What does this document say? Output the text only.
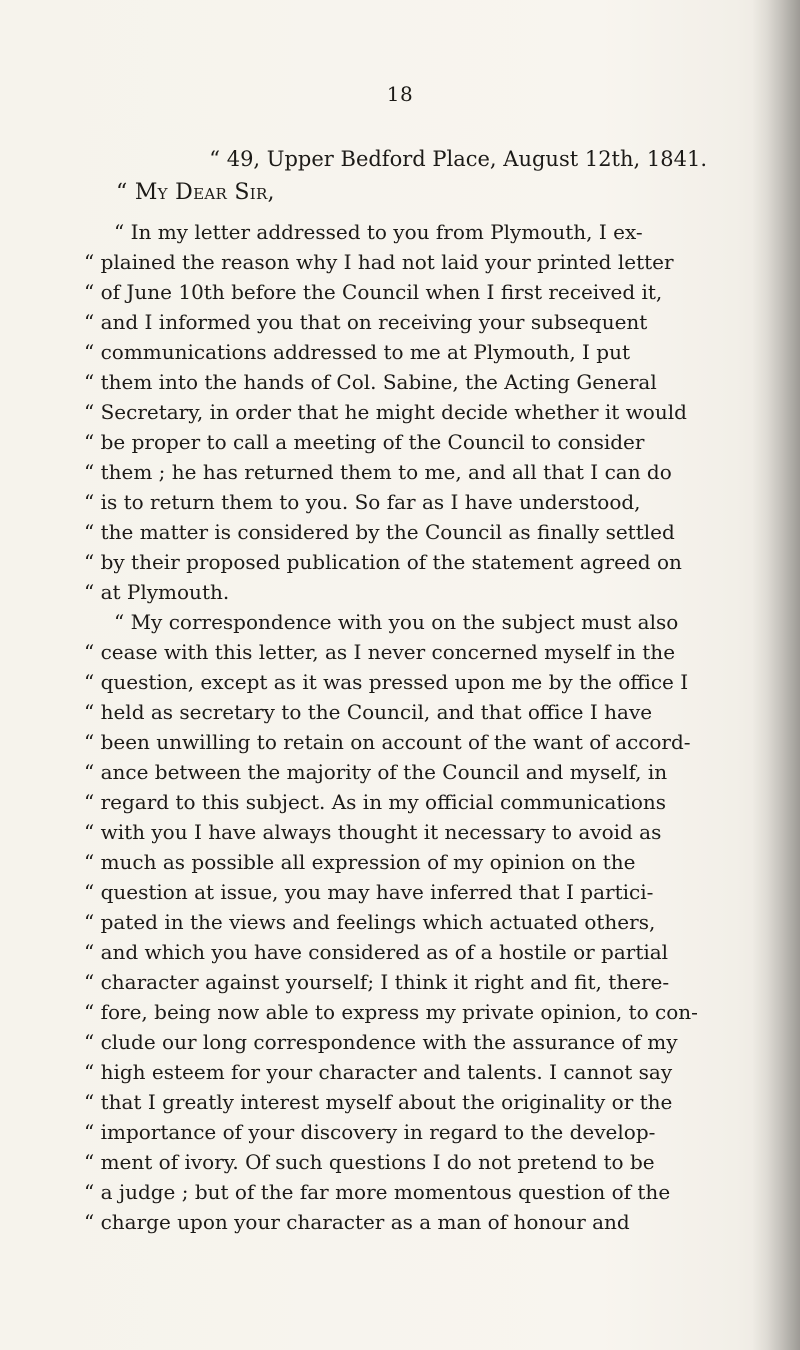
18
“ 49, Upper Bedford Place, August 12th, 1841.
“ My Dear Sir,
“ In my letter addressed to you from Plymouth, I ex-
“ plained the reason why I had not laid your printed letter
“ of June 10th before the Council when I first received it,
“ and I informed you that on receiving your subsequent
“ communications addressed to me at Plymouth, I put
“ them into the hands of Col. Sabine, the Acting General
“ Secretary, in order that he might decide whether it would
“ be proper to call a meeting of the Council to consider
“ them ; he has returned them to me, and all that I can do
“ is to return them to you. So far as I have understood,
“ the matter is considered by the Council as finally settled
“ by their proposed publication of the statement agreed on
“ at Plymouth.
“ My correspondence with you on the subject must also
“ cease with this letter, as I never concerned myself in the
“ question, except as it was pressed upon me by the office I
“ held as secretary to the Council, and that office I have
“ been unwilling to retain on account of the want of accord-
“ ance between the majority of the Council and myself, in
“ regard to this subject. As in my official communications
“ with you I have always thought it necessary to avoid as
“ much as possible all expression of my opinion on the
“ question at issue, you may have inferred that I partici-
“ pated in the views and feelings which actuated others,
“ and which you have considered as of a hostile or partial
“ character against yourself; I think it right and fit, there-
“ fore, being now able to express my private opinion, to con-
“ clude our long correspondence with the assurance of my
“ high esteem for your character and talents. I cannot say
“ that I greatly interest myself about the originality or the
“ importance of your discovery in regard to the develop-
“ ment of ivory. Of such questions I do not pretend to be
“ a judge ; but of the far more momentous question of the
“ charge upon your character as a man of honour and
